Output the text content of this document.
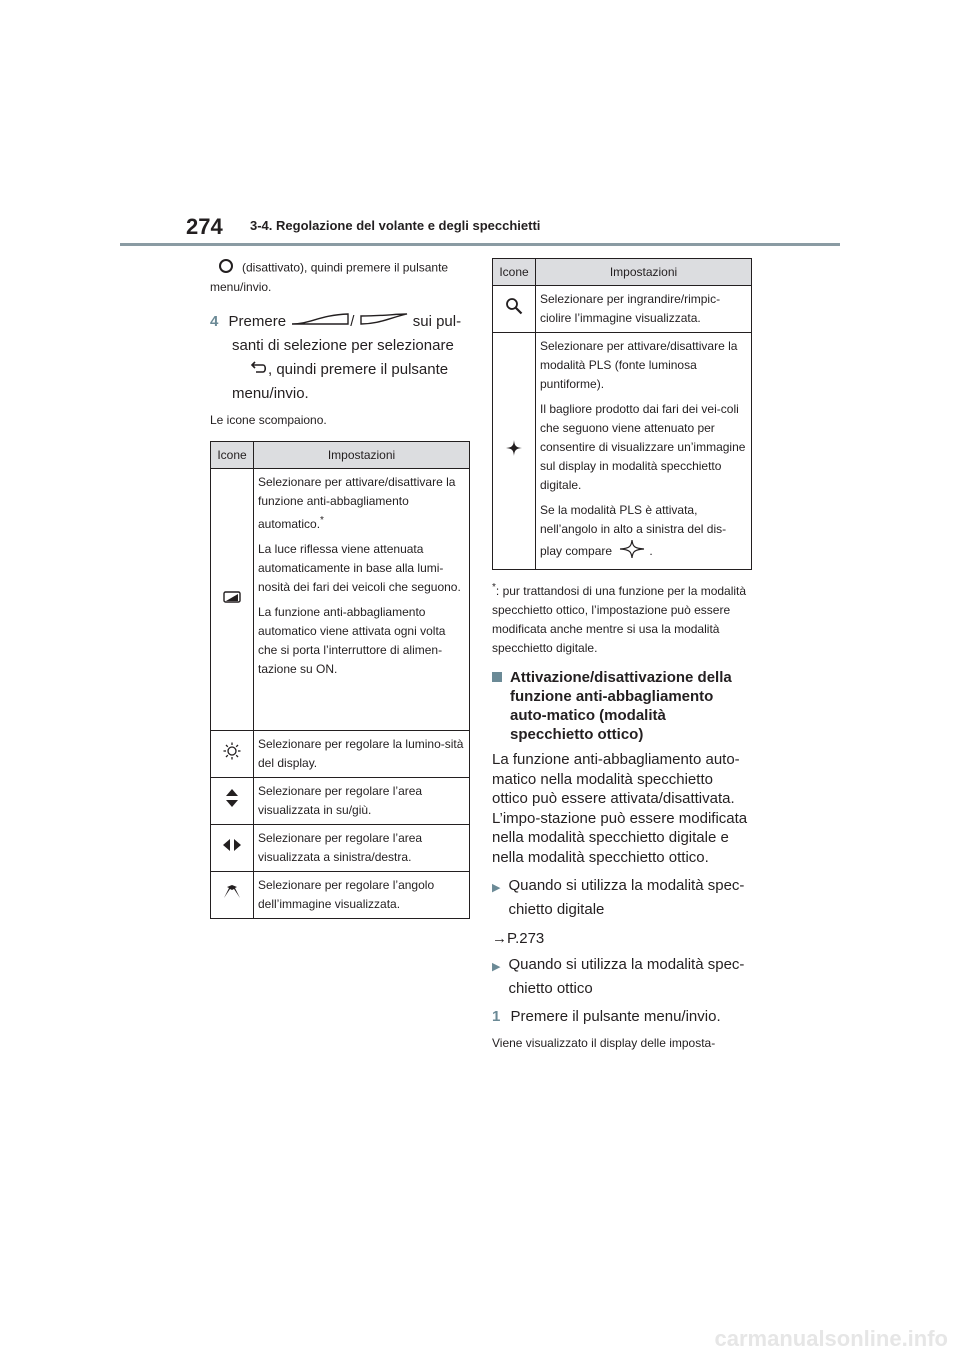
274 3-4. Regolazione del volante e degli specchietti
(disattivato), quindi premere il pulsante menu/invio.
4 Premere	/	sui pul-
santi di selezione per selezionare
, quindi premere il pulsante
menu/invio.
Le icone scompaiono.
Icone	Impostazioni

Selezionare per attivare/disattivare la funzione anti-abbagliamento automatico.*

La luce riflessa viene attenuata automaticamente in base alla lumi-nosità dei fari dei veicoli che seguono.

La funzione anti-abbagliamento automatico viene attivata ogni volta che si porta l’interruttore di alimen-tazione su ON.

	Selezionare per regolare la lumino-sità del display.
	Selezionare per regolare l’area visualizzata in su/giù.
	Selezionare per regolare l’area visualizzata a sinistra/destra.
	Selezionare per regolare l’angolo dell’immagine visualizzata.
Icone	Impostazioni
	Selezionare per ingrandire/rimpic-ciolire l’immagine visualizzata.

Selezionare per attivare/disattivare la modalità PLS (fonte luminosa puntiforme).

Il bagliore prodotto dai fari dei vei-coli che seguono viene attenuato per consentire di visualizzare un’immagine sul display in modalità specchietto digitale.

Se la modalità PLS è attivata, nell’angolo in alto a sinistra del dis-play compare .

*: pur trattandosi di una funzione per la modalità specchietto ottico, l’impostazione può essere modificata anche mentre si usa la modalità specchietto digitale.
Attivazione/disattivazione della funzione anti-abbagliamento auto-matico (modalità specchietto ottico)
La funzione anti-abbagliamento auto-matico nella modalità specchietto ottico può essere attivata/disattivata. L’impo-stazione può essere modificata nella modalità specchietto digitale e nella modalità specchietto ottico.
▶ Quando si utilizza la modalità spec-chietto digitale
→P.273
▶ Quando si utilizza la modalità spec-chietto ottico
1 Premere il pulsante menu/invio.
Viene visualizzato il display delle imposta-
carmanualsonline.info
